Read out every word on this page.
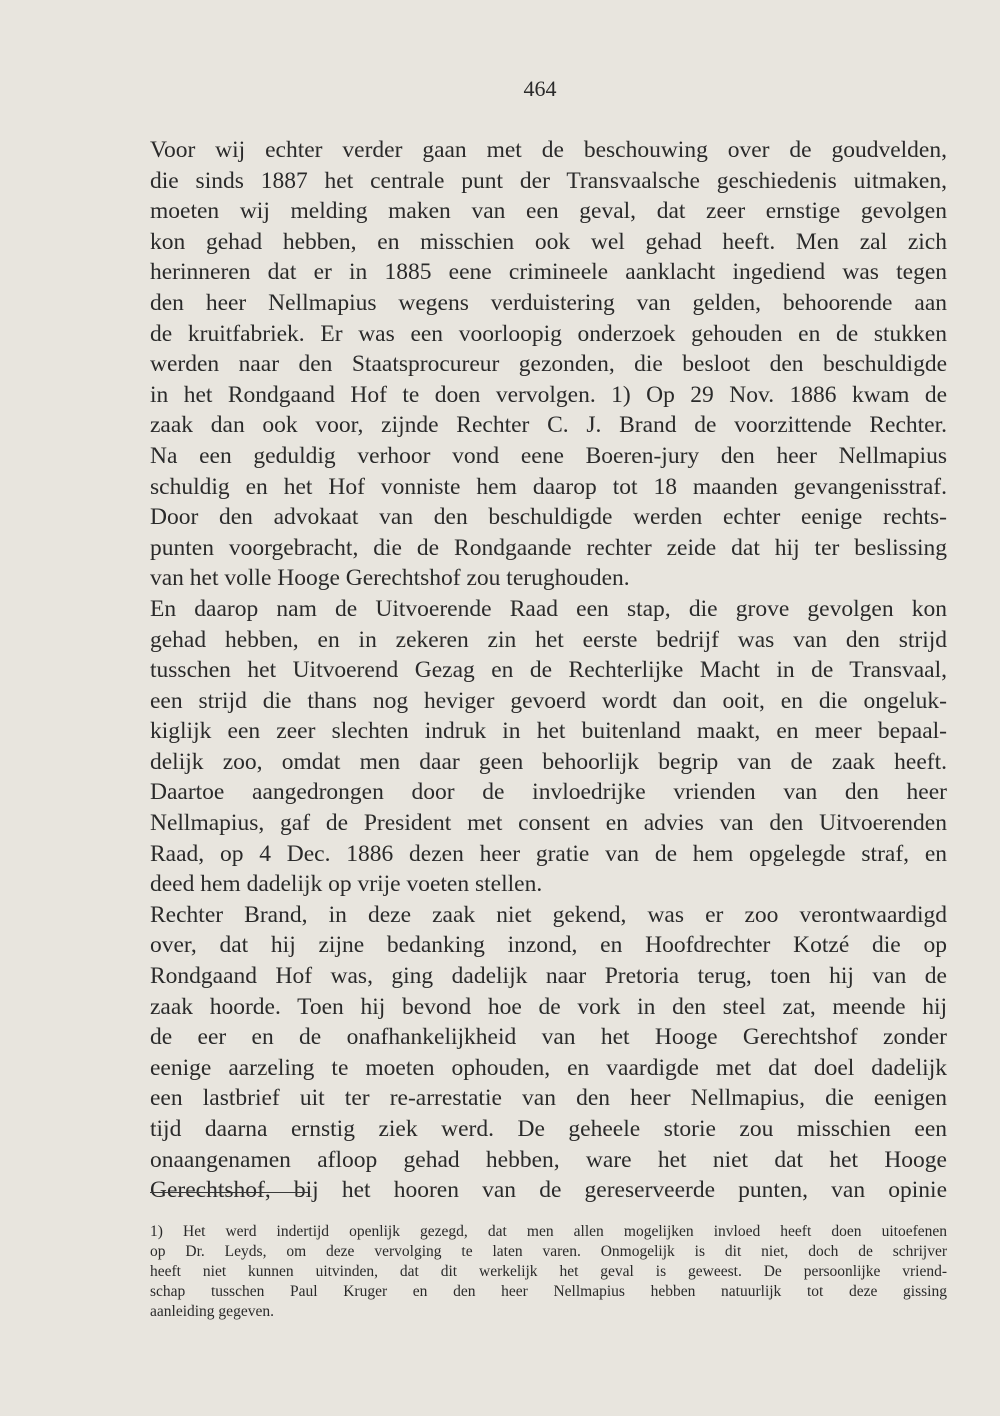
464
Voor wij echter verder gaan met de beschouwing over de goudvelden,
die sinds 1887 het centrale punt der Transvaalsche geschiedenis uitmaken,
moeten wij melding maken van een geval, dat zeer ernstige gevolgen
kon gehad hebben, en misschien ook wel gehad heeft. Men zal zich
herinneren dat er in 1885 eene crimineele aanklacht ingediend was tegen
den heer Nellmapius wegens verduistering van gelden, behoorende aan
de kruitfabriek. Er was een voorloopig onderzoek gehouden en de stukken
werden naar den Staatsprocureur gezonden, die besloot den beschuldigde
in het Rondgaand Hof te doen vervolgen. 1) Op 29 Nov. 1886 kwam de
zaak dan ook voor, zijnde Rechter C. J. Brand de voorzittende Rechter.
Na een geduldig verhoor vond eene Boeren-jury den heer Nellmapius
schuldig en het Hof vonniste hem daarop tot 18 maanden gevangenisstraf.
Door den advokaat van den beschuldigde werden echter eenige rechts-
punten voorgebracht, die de Rondgaande rechter zeide dat hij ter beslissing
van het volle Hooge Gerechtshof zou terughouden.
En daarop nam de Uitvoerende Raad een stap, die grove gevolgen kon
gehad hebben, en in zekeren zin het eerste bedrijf was van den strijd
tusschen het Uitvoerend Gezag en de Rechterlijke Macht in de Transvaal,
een strijd die thans nog heviger gevoerd wordt dan ooit, en die ongeluk-
kiglijk een zeer slechten indruk in het buitenland maakt, en meer bepaal-
delijk zoo, omdat men daar geen behoorlijk begrip van de zaak heeft.
Daartoe aangedrongen door de invloedrijke vrienden van den heer
Nellmapius, gaf de President met consent en advies van den Uitvoerenden
Raad, op 4 Dec. 1886 dezen heer gratie van de hem opgelegde straf, en
deed hem dadelijk op vrije voeten stellen.
Rechter Brand, in deze zaak niet gekend, was er zoo verontwaardigd
over, dat hij zijne bedanking inzond, en Hoofdrechter Kotzé die op
Rondgaand Hof was, ging dadelijk naar Pretoria terug, toen hij van de
zaak hoorde. Toen hij bevond hoe de vork in den steel zat, meende hij
de eer en de onafhankelijkheid van het Hooge Gerechtshof zonder
eenige aarzeling te moeten ophouden, en vaardigde met dat doel dadelijk
een lastbrief uit ter re-arrestatie van den heer Nellmapius, die eenigen
tijd daarna ernstig ziek werd. De geheele storie zou misschien een
onaangenamen afloop gehad hebben, ware het niet dat het Hooge
Gerechtshof, bij het hooren van de gereserveerde punten, van opinie
1) Het werd indertijd openlijk gezegd, dat men allen mogelijken invloed heeft doen uitoefenen
op Dr. Leyds, om deze vervolging te laten varen. Onmogelijk is dit niet, doch de schrijver
heeft niet kunnen uitvinden, dat dit werkelijk het geval is geweest. De persoonlijke vriend-
schap tusschen Paul Kruger en den heer Nellmapius hebben natuurlijk tot deze gissing
aanleiding gegeven.
